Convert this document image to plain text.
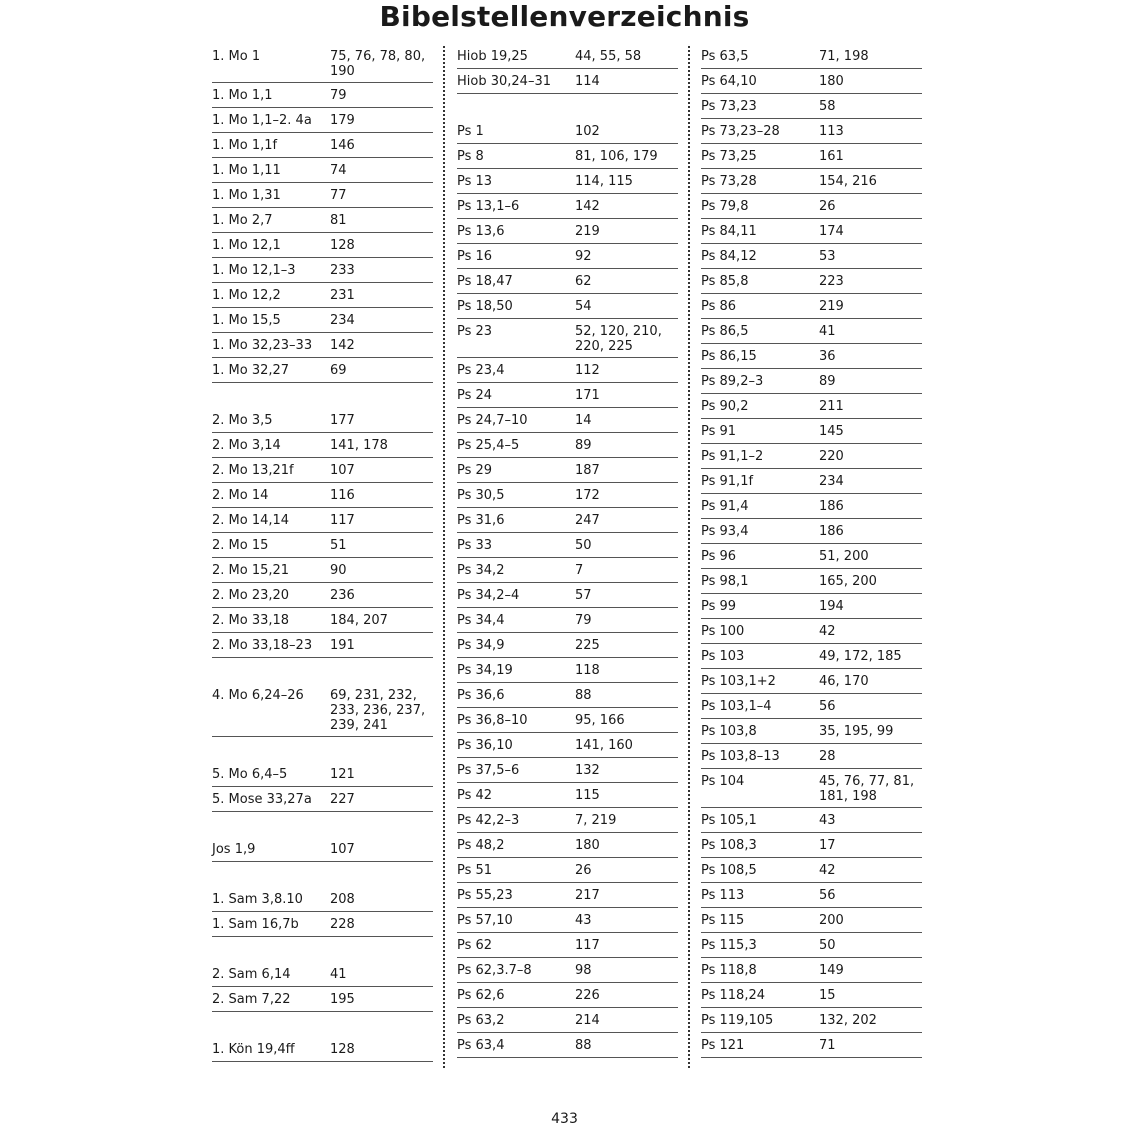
Bibelstellenverzeichnis
1. Mo 1	75, 76, 78, 80, 190
1. Mo 1,1	79
1. Mo 1,1–2. 4a	179
1. Mo 1,1f	146
1. Mo 1,11	74
1. Mo 1,31	77
1. Mo 2,7	81
1. Mo 12,1	128
1. Mo 12,1–3	233
1. Mo 12,2	231
1. Mo 15,5	234
1. Mo 32,23–33	142
1. Mo 32,27	69
2. Mo 3,5	177
2. Mo 3,14	141, 178
2. Mo 13,21f	107
2. Mo 14	116
2. Mo 14,14	117
2. Mo 15	51
2. Mo 15,21	90
2. Mo 23,20	236
2. Mo 33,18	184, 207
2. Mo 33,18–23	191
4. Mo 6,24–26	69, 231, 232, 233, 236, 237, 239, 241
5. Mo 6,4–5	121
5. Mose 33,27a	227
Jos 1,9	107
1. Sam 3,8.10	208
1. Sam 16,7b	228
2. Sam 6,14	41
2. Sam 7,22	195
1. Kön 19,4ff	128
Hiob 19,25	44, 55, 58
Hiob 30,24–31	114
Ps 1	102
Ps 8	81, 106, 179
Ps 13	114, 115
Ps 13,1–6	142
Ps 13,6	219
Ps 16	92
Ps 18,47	62
Ps 18,50	54
Ps 23	52, 120, 210, 220, 225
Ps 23,4	112
Ps 24	171
Ps 24,7–10	14
Ps 25,4–5	89
Ps 29	187
Ps 30,5	172
Ps 31,6	247
Ps 33	50
Ps 34,2	7
Ps 34,2–4	57
Ps 34,4	79
Ps 34,9	225
Ps 34,19	118
Ps 36,6	88
Ps 36,8–10	95, 166
Ps 36,10	141, 160
Ps 37,5–6	132
Ps 42	115
Ps 42,2–3	7, 219
Ps 48,2	180
Ps 51	26
Ps 55,23	217
Ps 57,10	43
Ps 62	117
Ps 62,3.7–8	98
Ps 62,6	226
Ps 63,2	214
Ps 63,4	88
Ps 63,5	71, 198
Ps 64,10	180
Ps 73,23	58
Ps 73,23–28	113
Ps 73,25	161
Ps 73,28	154, 216
Ps 79,8	26
Ps 84,11	174
Ps 84,12	53
Ps 85,8	223
Ps 86	219
Ps 86,5	41
Ps 86,15	36
Ps 89,2–3	89
Ps 90,2	211
Ps 91	145
Ps 91,1–2	220
Ps 91,1f	234
Ps 91,4	186
Ps 93,4	186
Ps 96	51, 200
Ps 98,1	165, 200
Ps 99	194
Ps 100	42
Ps 103	49, 172, 185
Ps 103,1+2	46, 170
Ps 103,1–4	56
Ps 103,8	35, 195, 99
Ps 103,8–13	28
Ps 104	45, 76, 77, 81, 181, 198
Ps 105,1	43
Ps 108,3	17
Ps 108,5	42
Ps 113	56
Ps 115	200
Ps 115,3	50
Ps 118,8	149
Ps 118,24	15
Ps 119,105	132, 202
Ps 121	71
433
